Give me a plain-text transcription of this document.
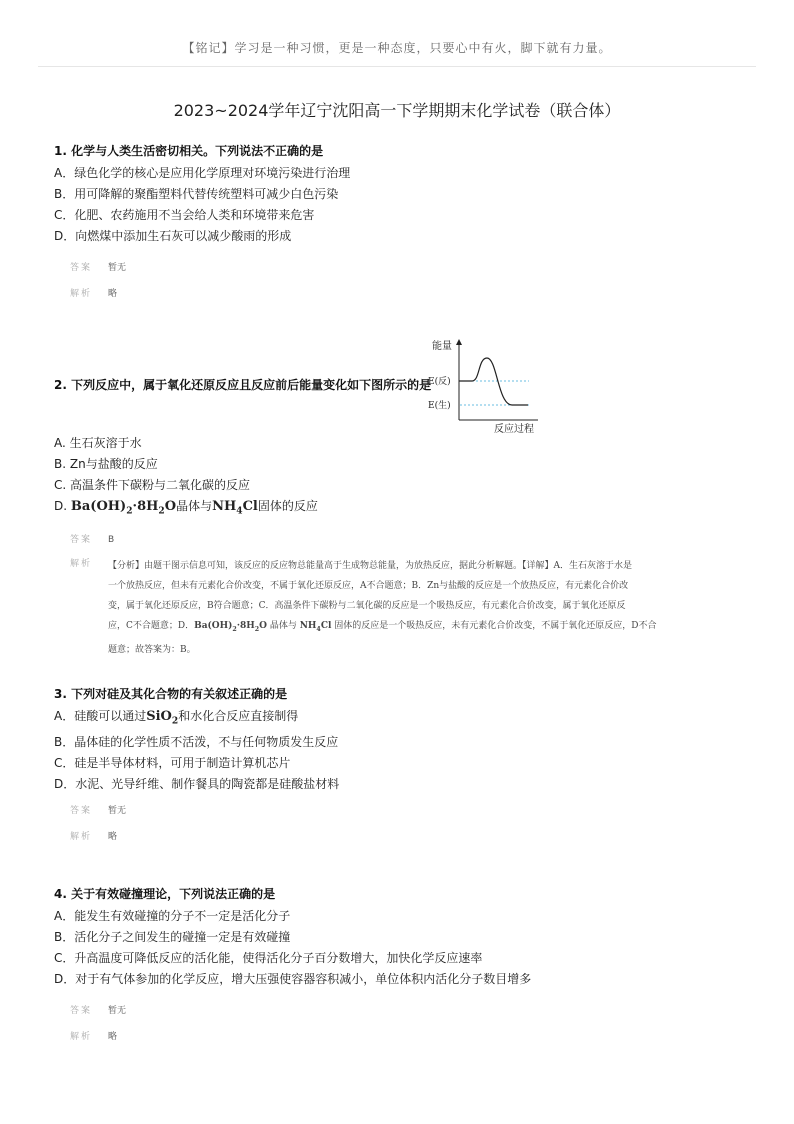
【铭记】学习是一种习惯，更是一种态度，只要心中有火，脚下就有力量。
2023~2024学年辽宁沈阳高一下学期期末化学试卷（联合体）
1. 化学与人类生活密切相关。下列说法不正确的是
A．绿色化学的核心是应用化学原理对环境污染进行治理
B．用可降解的聚酯塑料代替传统塑料可减少白色污染
C．化肥、农药施用不当会给人类和环境带来危害
D．向燃煤中添加生石灰可以减少酸雨的形成
答案 暂无
解析 略
2. 下列反应中，属于氧化还原反应且反应前后能量变化如下图所示的是
能量
E(反)
E(生)
反应过程
A. 生石灰溶于水
B. Zn与盐酸的反应
C. 高温条件下碳粉与二氧化碳的反应
D. $Ba(OH)_2\cdot 8H_2O$晶体与$NH_4Cl$固体的反应
答案 B
解析 【分析】由题干图示信息可知，该反应的反应物总能量高于生成物总能量，为放热反应，据此分析解题。【详解】A．生石灰溶于水是
一个放热反应，但未有元素化合价改变，不属于氧化还原反应，A不合题意；B．Zn与盐酸的反应是一个放热反应，有元素化合价改
变，属于氧化还原反应，B符合题意；C．高温条件下碳粉与二氧化碳的反应是一个吸热反应，有元素化合价改变，属于氧化还原反
应，C不合题意；D．$Ba(OH)_2\cdot 8H_2O$ 晶体与 $NH_4Cl$ 固体的反应是一个吸热反应，未有元素化合价改变，不属于氧化还原反应，D不合
题意；故答案为：B。
3. 下列对硅及其化合物的有关叙述正确的是
A．硅酸可以通过SiO$_2$和水化合反应直接制得
B．晶体硅的化学性质不活泼，不与任何物质发生反应
C．硅是半导体材料，可用于制造计算机芯片
D．水泥、光导纤维、制作餐具的陶瓷都是硅酸盐材料
答案 暂无
解析 略
4. 关于有效碰撞理论，下列说法正确的是
A．能发生有效碰撞的分子不一定是活化分子
B．活化分子之间发生的碰撞一定是有效碰撞
C．升高温度可降低反应的活化能，使得活化分子百分数增大，加快化学反应速率
D．对于有气体参加的化学反应，增大压强使容器容积减小，单位体积内活化分子数目增多
答案 暂无
解析 略
